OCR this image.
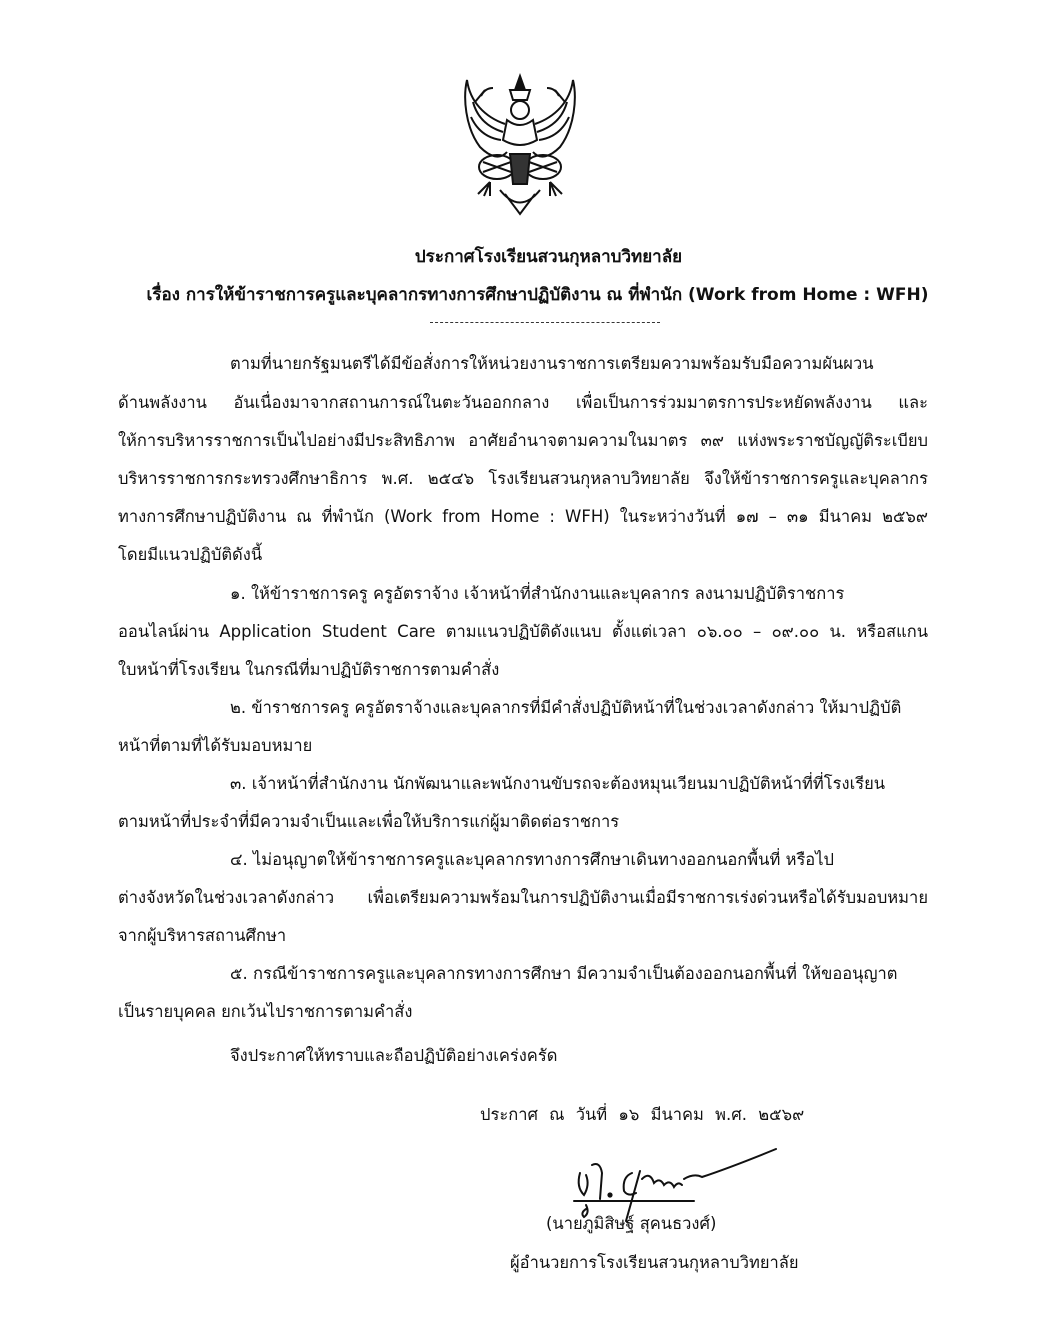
ประกาศโรงเรียนสวนกุหลาบวิทยาลัย
เรื่อง การให้ข้าราชการครูและบุคลากรทางการศึกษาปฏิบัติงาน ณ ที่พำนัก (Work from Home : WFH)
ตามที่นายกรัฐมนตรีได้มีข้อสั่งการให้หน่วยงานราชการเตรียมความพร้อมรับมือความผันผวน
ด้านพลังงาน อันเนื่องมาจากสถานการณ์ในตะวันออกกลาง เพื่อเป็นการร่วมมาตรการประหยัดพลังงาน และ
ให้การบริหารราชการเป็นไปอย่างมีประสิทธิภาพ อาศัยอำนาจตามความในมาตร ๓๙ แห่งพระราชบัญญัติระเบียบ
บริหารราชการกระทรวงศึกษาธิการ พ.ศ. ๒๕๔๖ โรงเรียนสวนกุหลาบวิทยาลัย จึงให้ข้าราชการครูและบุคลากร
ทางการศึกษาปฏิบัติงาน ณ ที่พำนัก (Work from Home : WFH) ในระหว่างวันที่ ๑๗ – ๓๑ มีนาคม ๒๕๖๙
โดยมีแนวปฏิบัติดังนี้
๑. ให้ข้าราชการครู ครูอัตราจ้าง เจ้าหน้าที่สำนักงานและบุคลากร ลงนามปฏิบัติราชการ
ออนไลน์ผ่าน Application Student Care ตามแนวปฏิบัติดังแนบ ตั้งแต่เวลา ๐๖.๐๐ – ๐๙.๐๐ น. หรือสแกน
ใบหน้าที่โรงเรียน ในกรณีที่มาปฏิบัติราชการตามคำสั่ง
๒. ข้าราชการครู ครูอัตราจ้างและบุคลากรที่มีคำสั่งปฏิบัติหน้าที่ในช่วงเวลาดังกล่าว ให้มาปฏิบัติ
หน้าที่ตามที่ได้รับมอบหมาย
๓. เจ้าหน้าที่สำนักงาน นักพัฒนาและพนักงานขับรถจะต้องหมุนเวียนมาปฏิบัติหน้าที่ที่โรงเรียน
ตามหน้าที่ประจำที่มีความจำเป็นและเพื่อให้บริการแก่ผู้มาติดต่อราชการ
๔. ไม่อนุญาตให้ข้าราชการครูและบุคลากรทางการศึกษาเดินทางออกนอกพื้นที่ หรือไป
ต่างจังหวัดในช่วงเวลาดังกล่าว เพื่อเตรียมความพร้อมในการปฏิบัติงานเมื่อมีราชการเร่งด่วนหรือได้รับมอบหมาย
จากผู้บริหารสถานศึกษา
๕. กรณีข้าราชการครูและบุคลากรทางการศึกษา มีความจำเป็นต้องออกนอกพื้นที่ ให้ขออนุญาต
เป็นรายบุคคล ยกเว้นไปราชการตามคำสั่ง
จึงประกาศให้ทราบและถือปฏิบัติอย่างเคร่งครัด
ประกาศ ณ วันที่ ๑๖ มีนาคม พ.ศ. ๒๕๖๙
(นายภูมิสิษฐ์ สุคนธวงศ์)
ผู้อำนวยการโรงเรียนสวนกุหลาบวิทยาลัย
